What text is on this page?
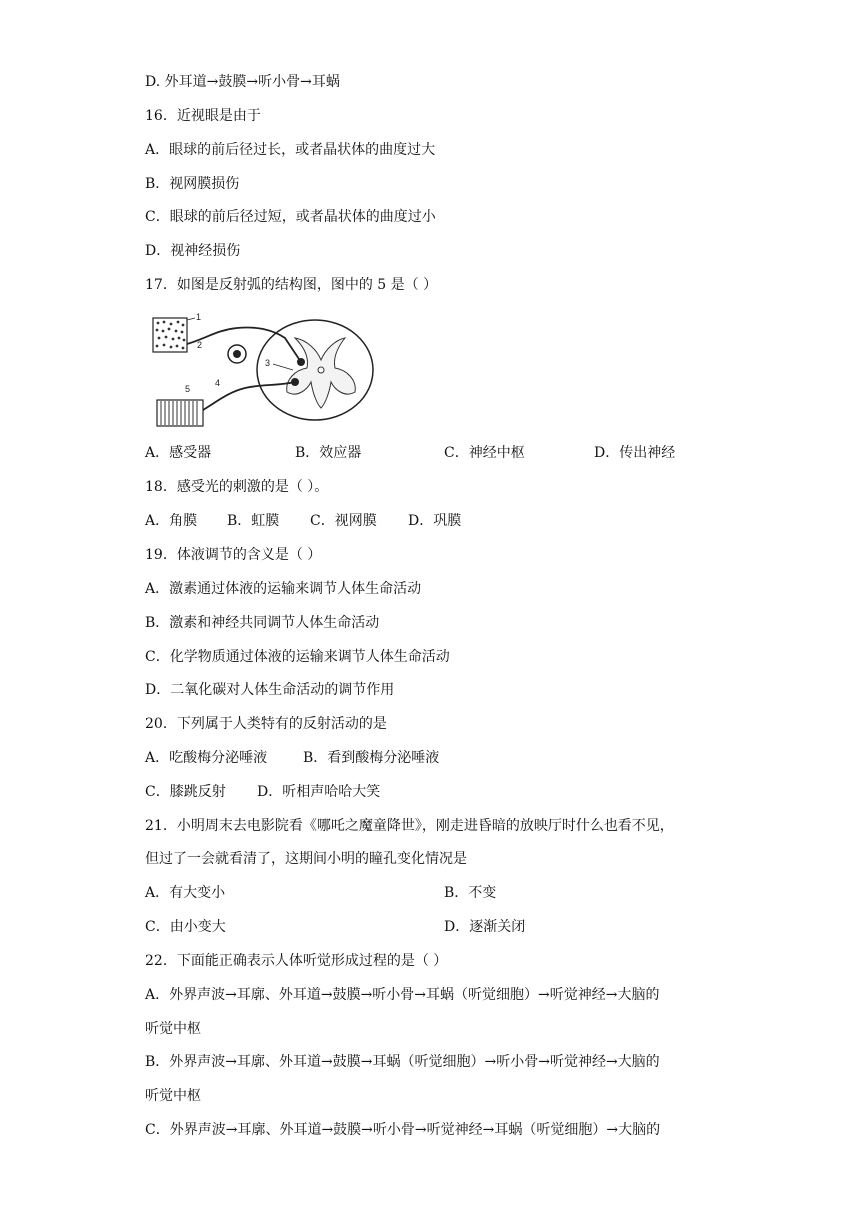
D. 外耳道→鼓膜→听小骨→耳蜗
16．近视眼是由于
A．眼球的前后径过长，或者晶状体的曲度过大
B．视网膜损伤
C．眼球的前后径过短，或者晶状体的曲度过小
D．视神经损伤
17．如图是反射弧的结构图，图中的 5 是（ ）
1
2
3
4
5
A．感受器	B．效应器	C．神经中枢	D．传出神经
18．感受光的刺激的是（ ）。
A．角膜 B．虹膜 C．视网膜 D．巩膜
19．体液调节的含义是（ ）
A．激素通过体液的运输来调节人体生命活动
B．激素和神经共同调节人体生命活动
C．化学物质通过体液的运输来调节人体生命活动
D．二氧化碳对人体生命活动的调节作用
20．下列属于人类特有的反射活动的是
A．吃酸梅分泌唾液	B．看到酸梅分泌唾液
C．膝跳反射 D．听相声哈哈大笑
21．小明周末去电影院看《哪吒之魔童降世》，刚走进昏暗的放映厅时什么也看不见，
但过了一会就看清了，这期间小明的瞳孔变化情况是
A．有大变小	B．不变
C．由小变大	D．逐渐关闭
22．下面能正确表示人体听觉形成过程的是（ ）
A．外界声波→耳廓、外耳道→鼓膜→听小骨→耳蜗（听觉细胞）→听觉神经→大脑的
听觉中枢
B．外界声波→耳廓、外耳道→鼓膜→耳蜗（听觉细胞）→听小骨→听觉神经→大脑的
听觉中枢
C．外界声波→耳廓、外耳道→鼓膜→听小骨→听觉神经→耳蜗（听觉细胞）→大脑的
